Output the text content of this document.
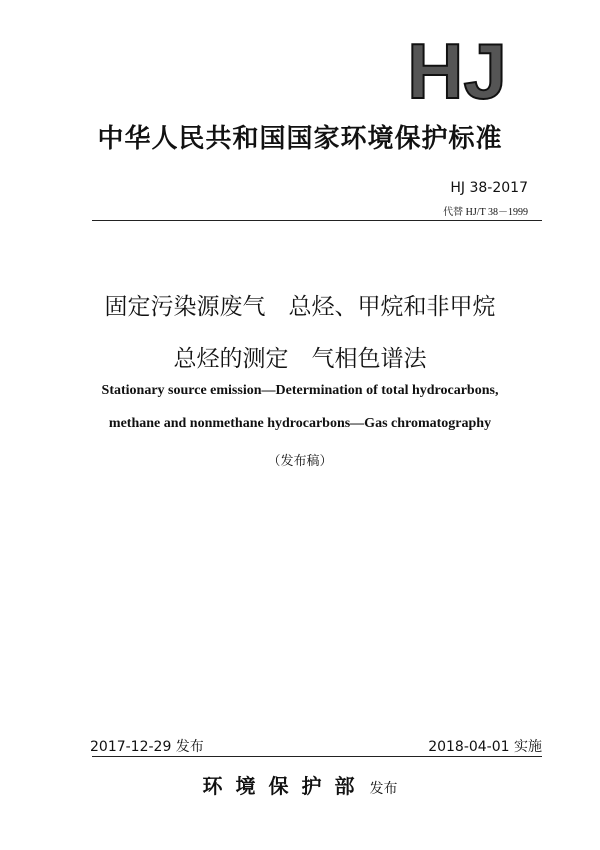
HJ
中华人民共和国国家环境保护标准
HJ 38-2017
代替 HJ/T 38－1999
固定污染源废气　总烃、甲烷和非甲烷
总烃的测定　气相色谱法
Stationary source emission—Determination of total hydrocarbons,
methane and nonmethane hydrocarbons—Gas chromatography
（发布稿）
2017-12-29 发布	2018-04-01 实施
环境保护部 发布
